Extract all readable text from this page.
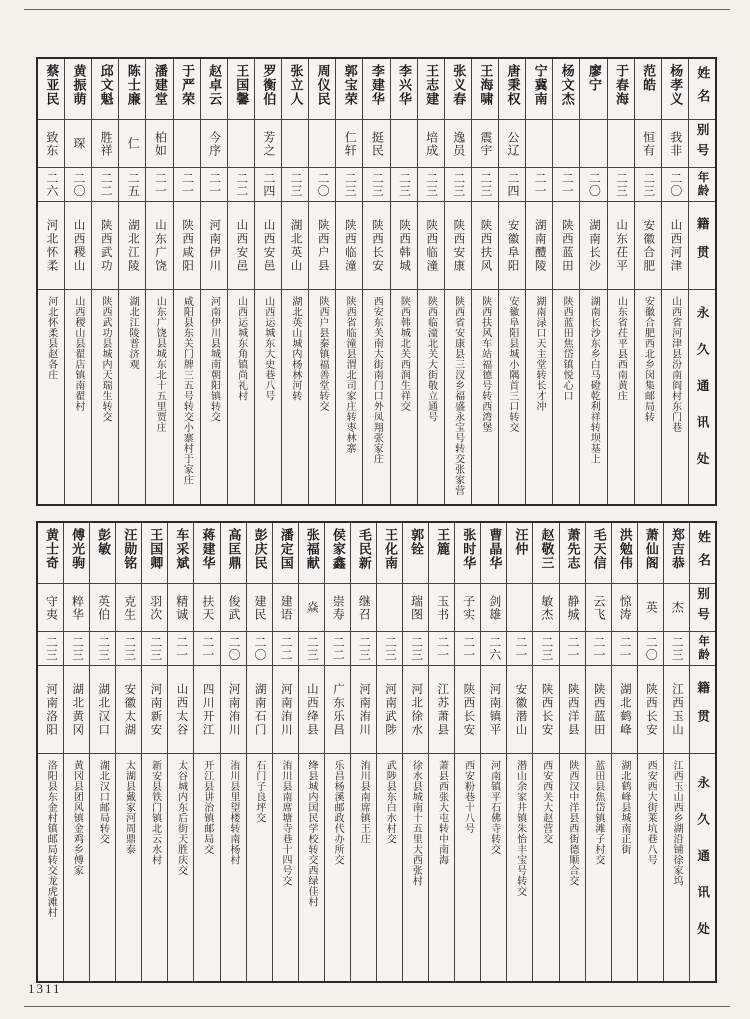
姓名
别号
年龄
籍贯
永久通讯处
杨孝义
我非
二〇
山西河津
山西省河津县汾南阎村东门巷
范皓
恒有
二三
安徽合肥
安徽合肥西北乡闵集邮局转
于春海
二三
山东茌平
山东省茌平县西南黄庄
廖宁
二〇
湖南长沙
湖南长沙东乡白马磴乾利祥转坝基上
杨文杰
二一
陕西蓝田
陕西蓝田焦岱镇悦心口
宁冀南
二一
湖南醴陵
湖南渌口天主堂转长才冲
唐秉权
公辽
二四
安徽阜阳
安徽阜阳县城小隅首三口转交
王海啸
震宇
二三
陕西扶风
陕西扶风车站福德号转西湾堡
张义春
逸员
二三
陕西安康
陕西省安康县三汊乡福盛永宝号转交张家营
王志建
培成
二三
陕西临潼
陕西临潼北关大街敬立通号
李兴华
二三
陕西韩城
陕西韩城北关西润生祥交
李建华
挺民
二三
陕西长安
西安东关南大街南门口外凤翔张家庄
郭宝荣
仁轩
二三
陕西临潼
陕西省临潼县渭北司家庄转枣林寨
周仪民
二〇
陕西户县
陕西户县秦镇福善堂转交
张立人
二三
湖北英山
湖北英山城内杨林河转
罗衡伯
芳之
二四
山西安邑
山西运城东大史巷八号
王国馨
二二
山西安邑
山西运城东角镇尚礼村
赵卓云
今序
二一
河南伊川
河南伊川县城南朝阳镇转交
于严荣
二一
陕西咸阳
咸阳县东关门牌三五号转交小寨村于家庄
潘建堂
柏如
二一
山东广饶
山东广饶县城东北十五里贾庄
陈士廉
仁
二五
湖北江陵
湖北江陵普济观
邱文魁
胜祥
二二
陕西武功
陕西武功县城内天瑞生转交
黄振萌
琛
二〇
山西稷山
山西稷山县翟店镇南翟村
蔡亚民
致东
二六
河北怀柔
河北怀柔县赵各庄
姓名
别号
年龄
籍贯
永久通讯处
郑吉恭
杰
二三
江西玉山
江西玉山西乡湖沿铺徐家坞
萧仙阁
英
二〇
陕西长安
西安西大街莱坑巷八号
洪勉伟
惊涛
二一
湖北鹤峰
湖北鹤峰县城南正街
毛天信
云飞
二一
陕西蓝田
蓝田县焦岱镇滩子村交
萧先志
静城
二一
陕西洋县
陕西汉中洋县西街德顺合交
赵敬三
敏杰
二三
陕西长安
西安西关大赵营交
汪仲
二一
安徽潜山
潜山余家井镇朱怡丰宝号转交
曹晶华
剑雄
二六
河南镇平
河南镇平石佛寺转交
张时华
子实
二一
陕西长安
西安粉巷十八号
王簏
玉书
二一
江苏萧县
萧县西张大屯转中南海
郭铨
瑞图
二三
河北徐水
徐水县城南十五里大西张村
王化南
二三
河南武陟
武陟县东白水村交
毛民新
继召
二三
河南洧川
洧川县南席镇王庄
侯家鑫
崇寿
二二
广东乐昌
乐昌杨溪邮政代办所交
张福献
焱
二三
山西绛县
绛县城内国民学校转交西绿佳村
潘定国
建语
二二
河南洧川
洧川县南席塘寺巷十四号交
彭庆民
建民
二〇
湖南石门
石门子良坪交
高匡鼎
俊武
二〇
河南洧川
洧川县里望楼转南杨村
蒋建华
扶天
二一
四川开江
开江县讲治镇邮局交
车采斌
精诚
二一
山西太谷
太谷城内东后街天胜庆交
王国卿
羽次
二三
河南新安
新安县铁门镇北云水村
汪勋铭
克生
二三
安徽太湖
太湖县戴家河周鼎泰
彭敏
英伯
二三
湖北汉口
湖北汉口邮局转交
傅光驹
粹华
二三
湖北黄冈
黄冈县团风镇金鸡乡傅家
黄士奇
守夷
二三
河南洛阳
洛阳县东金村镇邮局转交龙虎滩村
1311
